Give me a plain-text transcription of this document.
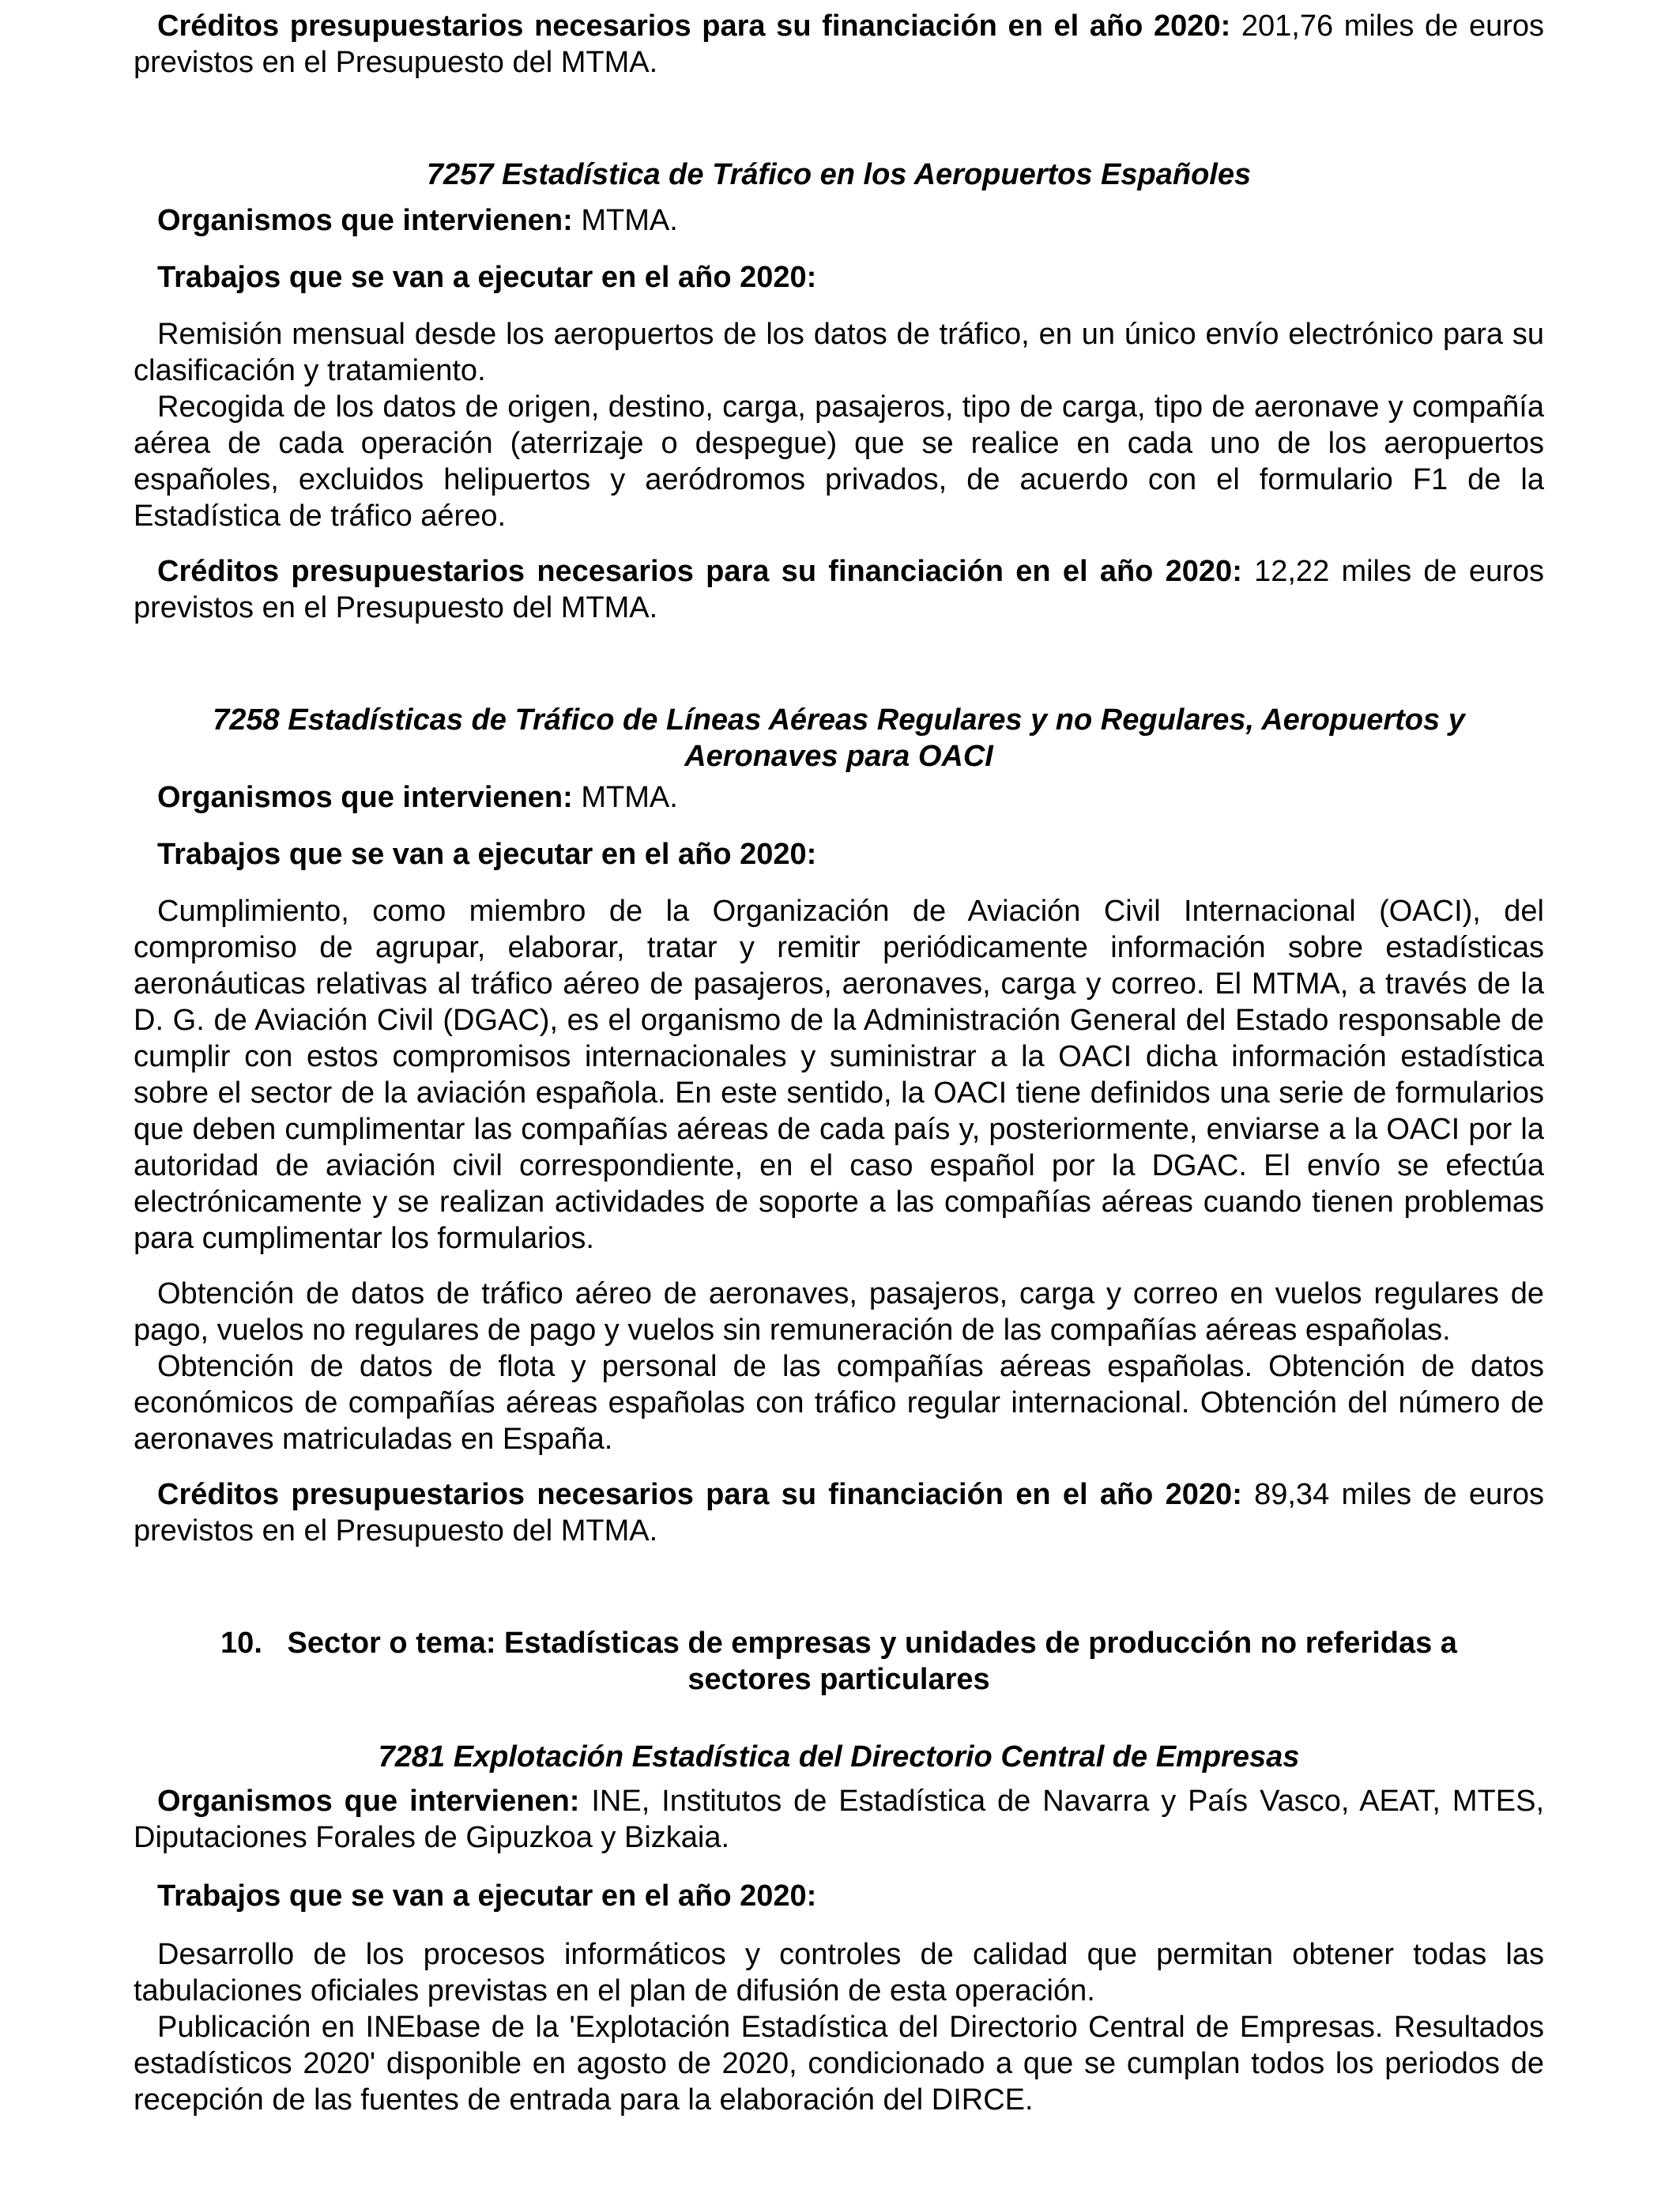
Créditos presupuestarios necesarios para su financiación en el año 2020: 201,76 miles de euros previstos en el Presupuesto del MTMA.

7257 Estadística de Tráfico en los Aeropuertos Españoles

Organismos que intervienen: MTMA.

Trabajos que se van a ejecutar en el año 2020:

Remisión mensual desde los aeropuertos de los datos de tráfico, en un único envío electrónico para su clasificación y tratamiento.

Recogida de los datos de origen, destino, carga, pasajeros, tipo de carga, tipo de aeronave y compañía aérea de cada operación (aterrizaje o despegue) que se realice en cada uno de los aeropuertos españoles, excluidos helipuertos y aeródromos privados, de acuerdo con el formulario F1 de la Estadística de tráfico aéreo.

Créditos presupuestarios necesarios para su financiación en el año 2020: 12,22 miles de euros previstos en el Presupuesto del MTMA.

7258 Estadísticas de Tráfico de Líneas Aéreas Regulares y no Regulares, Aeropuertos y
Aeronaves para OACI

Organismos que intervienen: MTMA.

Trabajos que se van a ejecutar en el año 2020:

Cumplimiento, como miembro de la Organización de Aviación Civil Internacional (OACI), del compromiso de agrupar, elaborar, tratar y remitir periódicamente información sobre estadísticas aeronáuticas relativas al tráfico aéreo de pasajeros, aeronaves, carga y correo. El MTMA, a través de la D. G. de Aviación Civil (DGAC), es el organismo de la Administración General del Estado responsable de cumplir con estos compromisos internacionales y suministrar a la OACI dicha información estadística sobre el sector de la aviación española. En este sentido, la OACI tiene definidos una serie de formularios que deben cumplimentar las compañías aéreas de cada país y, posteriormente, enviarse a la OACI por la autoridad de aviación civil correspondiente, en el caso español por la DGAC. El envío se efectúa electrónicamente y se realizan actividades de soporte a las compañías aéreas cuando tienen problemas para cumplimentar los formularios.

Obtención de datos de tráfico aéreo de aeronaves, pasajeros, carga y correo en vuelos regulares de pago, vuelos no regulares de pago y vuelos sin remuneración de las compañías aéreas españolas.

Obtención de datos de flota y personal de las compañías aéreas españolas. Obtención de datos económicos de compañías aéreas españolas con tráfico regular internacional. Obtención del número de aeronaves matriculadas en España.

Créditos presupuestarios necesarios para su financiación en el año 2020: 89,34 miles de euros previstos en el Presupuesto del MTMA.

10.   Sector o tema: Estadísticas de empresas y unidades de producción no referidas a
sectores particulares

7281 Explotación Estadística del Directorio Central de Empresas

Organismos que intervienen: INE, Institutos de Estadística de Navarra y País Vasco, AEAT, MTES, Diputaciones Forales de Gipuzkoa y Bizkaia.

Trabajos que se van a ejecutar en el año 2020:

Desarrollo de los procesos informáticos y controles de calidad que permitan obtener todas las tabulaciones oficiales previstas en el plan de difusión de esta operación.

Publicación en INEbase de la 'Explotación Estadística del Directorio Central de Empresas. Resultados estadísticos 2020' disponible en agosto de 2020, condicionado a que se cumplan todos los periodos de recepción de las fuentes de entrada para la elaboración del DIRCE.
